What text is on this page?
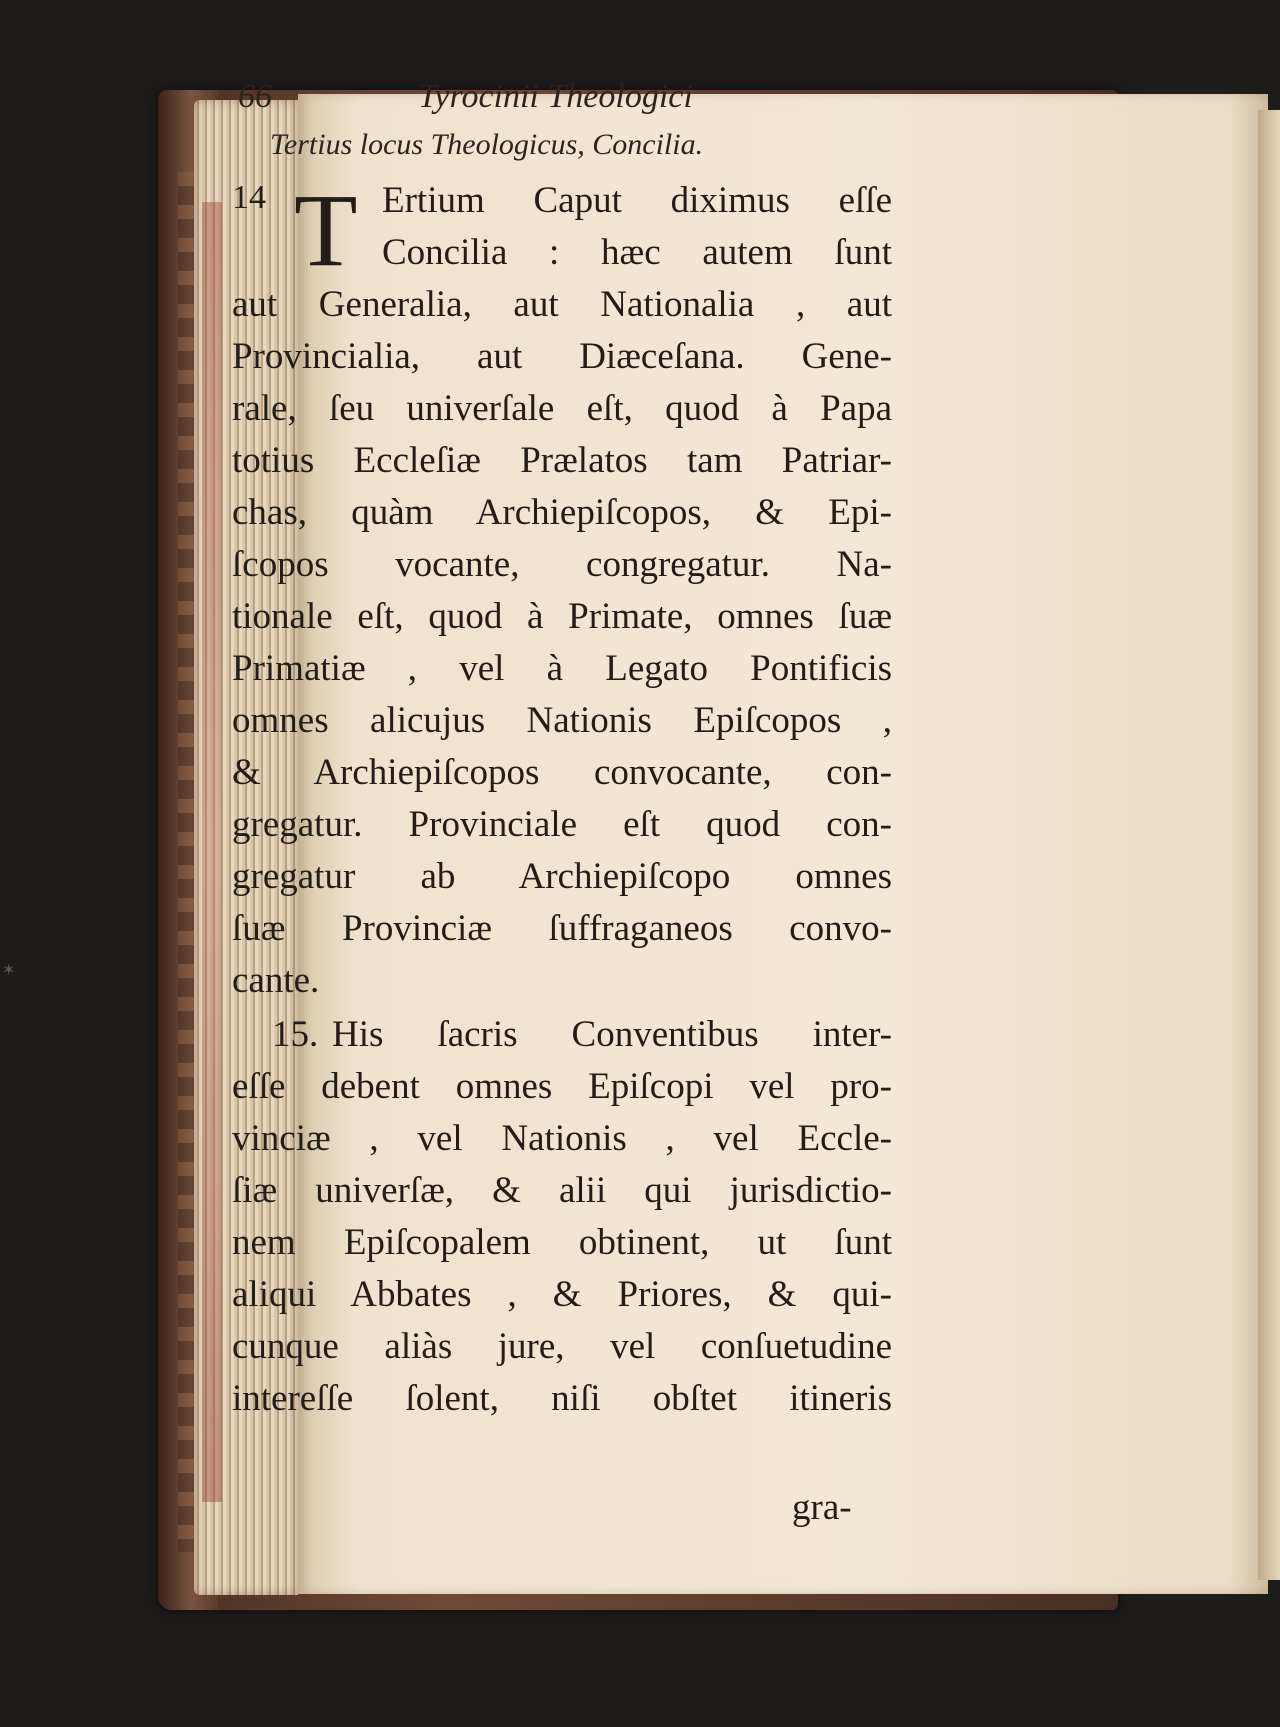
✶
66	Tyrocinii Theologici
Tertius locus Theologicus, Concilia.
14 T Ertium Caput diximus eſſe
Concilia : hæc autem ſunt
aut Generalia, aut Nationalia , aut
Provincialia, aut Diæceſana. Gene-
rale, ſeu univerſale eſt, quod à Papa
totius Eccleſiæ Prælatos tam Patriar-
chas, quàm Archiepiſcopos, & Epi-
ſcopos vocante, congregatur. Na-
tionale eſt, quod à Primate, omnes ſuæ
Primatiæ , vel à Legato Pontificis
omnes alicujus Nationis Epiſcopos ,
& Archiepiſcopos convocante, con-
gregatur. Provinciale eſt quod con-
gregatur ab Archiepiſcopo omnes
ſuæ Provinciæ ſuffraganeos convo-
cante.
15. His ſacris Conventibus inter-
eſſe debent omnes Epiſcopi vel pro-
vinciæ , vel Nationis , vel Eccle-
ſiæ univerſæ, & alii qui jurisdictio-
nem Epiſcopalem obtinent, ut ſunt
aliqui Abbates , & Priores, & qui-
cunque aliàs jure, vel conſuetudine
intereſſe ſolent, niſi obſtet itineris
gra-
